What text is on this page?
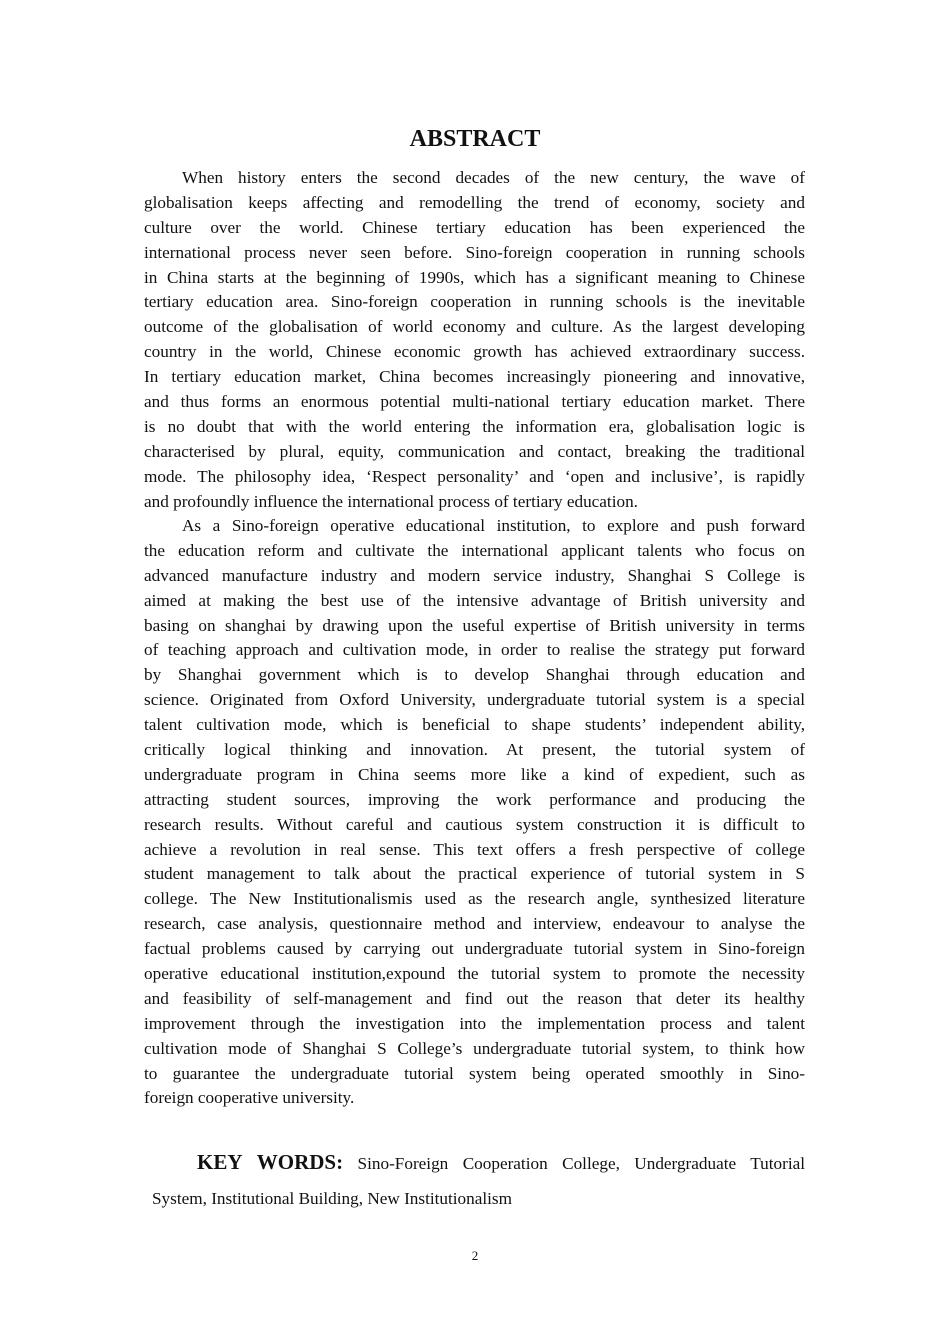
ABSTRACT
When history enters the second decades of the new century, the wave of
globalisation keeps affecting and remodelling the trend of economy, society and
culture over the world. Chinese tertiary education has been experienced the
international process never seen before. Sino-foreign cooperation in running schools
in China starts at the beginning of 1990s, which has a significant meaning to Chinese
tertiary education area. Sino-foreign cooperation in running schools is the inevitable
outcome of the globalisation of world economy and culture. As the largest developing
country in the world, Chinese economic growth has achieved extraordinary success.
In tertiary education market, China becomes increasingly pioneering and innovative,
and thus forms an enormous potential multi-national tertiary education market. There
is no doubt that with the world entering the information era, globalisation logic is
characterised by plural, equity, communication and contact, breaking the traditional
mode. The philosophy idea, ‘Respect personality’ and ‘open and inclusive’, is rapidly
and profoundly influence the international process of tertiary education.
As a Sino-foreign operative educational institution, to explore and push forward
the education reform and cultivate the international applicant talents who focus on
advanced manufacture industry and modern service industry, Shanghai S College is
aimed at making the best use of the intensive advantage of British university and
basing on shanghai by drawing upon the useful expertise of British university in terms
of teaching approach and cultivation mode, in order to realise the strategy put forward
by Shanghai government which is to develop Shanghai through education and
science. Originated from Oxford University, undergraduate tutorial system is a special
talent cultivation mode, which is beneficial to shape students’ independent ability,
critically logical thinking and innovation. At present, the tutorial system of
undergraduate program in China seems more like a kind of expedient, such as
attracting student sources, improving the work performance and producing the
research results. Without careful and cautious system construction it is difficult to
achieve a revolution in real sense. This text offers a fresh perspective of college
student management to talk about the practical experience of tutorial system in S
college. The New Institutionalismis used as the research angle, synthesized literature
research, case analysis, questionnaire method and interview, endeavour to analyse the
factual problems caused by carrying out undergraduate tutorial system in Sino-foreign
operative educational institution,expound the tutorial system to promote the necessity
and feasibility of self-management and find out the reason that deter its healthy
improvement through the investigation into the implementation process and talent
cultivation mode of Shanghai S College’s undergraduate tutorial system, to think how
to guarantee the undergraduate tutorial system being operated smoothly in Sino-
foreign cooperative university.
KEY WORDS: Sino-Foreign Cooperation College, Undergraduate Tutorial
System, Institutional Building, New Institutionalism
2
